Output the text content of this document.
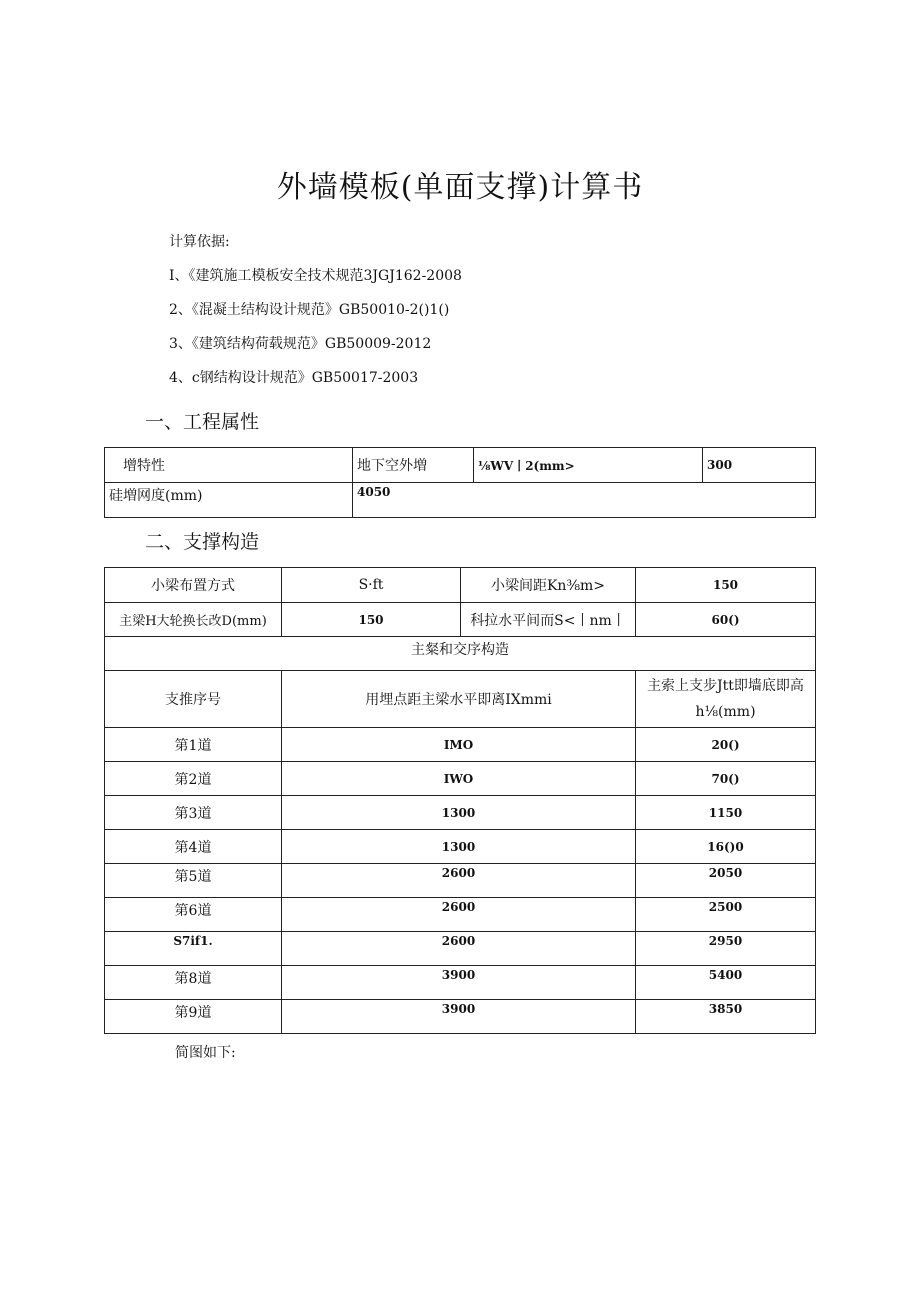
外墙模板(单面支撑)计算书
计算依据:
I、《建筑施工模板安全技术规范3JGJ162-2008
2、《混凝土结构设计规范》GB50010-2()1()
3、《建筑结构荷载规范》GB50009-2012
4、c钢结构设计规范》GB50017-2003
一、工程属性
增特性	地下空外増	⅛WV丨2(mm>	300
硅増网度(mm)	4050		
二、支撑构造
小梁布置方式	S·ft	小梁间距Kn⅜m>	150
主梁H大轮换长改D(mm)	150	科拉水平间而S<丨nm丨	60()
主粲和交序构造			
支推序号	用埋点距主梁水平即离IXmmi		主索上支步Jtt即墙底即高h⅛(mm)
第1道	IMO		20()
第2道	IWO		70()
第3道	1300		1150
第4道	1300		16()0
第5道	2600		2050
第6道	2600		2500
S7if1.	2600		2950
第8道	3900		5400
第9道	3900		3850
简图如下:
